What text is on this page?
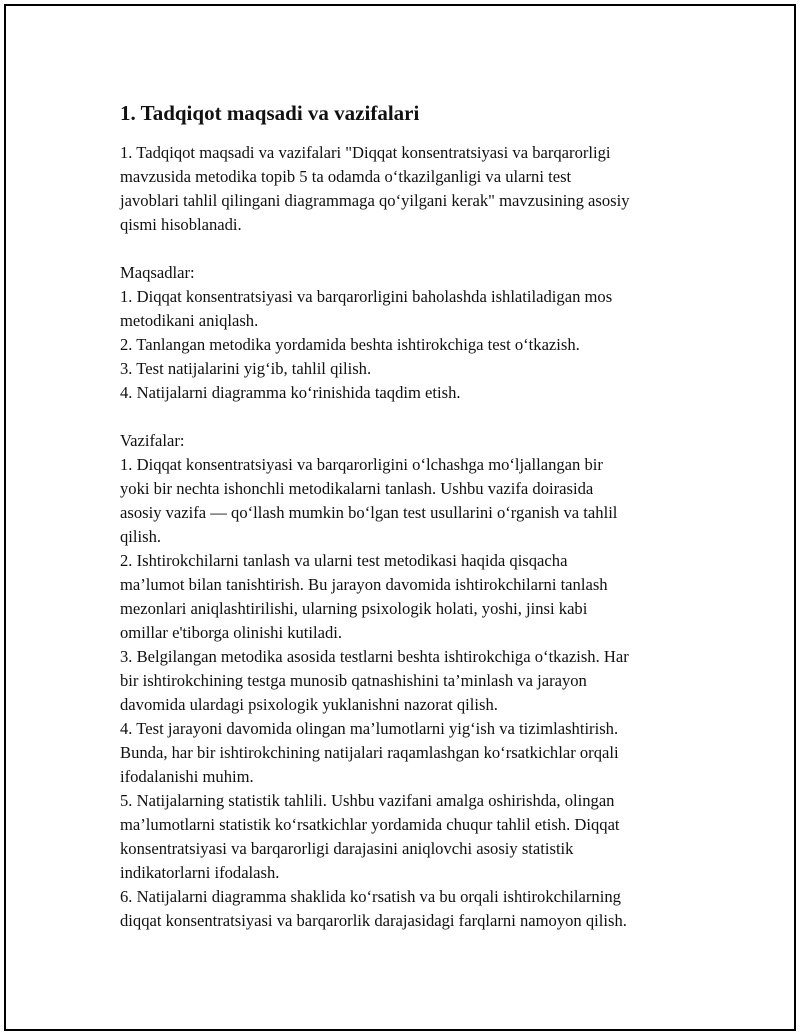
1. Tadqiqot maqsadi va vazifalari
1. Tadqiqot maqsadi va vazifalari "Diqqat konsentratsiyasi va barqarorligi
mavzusida metodika topib 5 ta odamda o‘tkazilganligi va ularni test
javoblari tahlil qilingani diagrammaga qo‘yilgani kerak" mavzusining asosiy
qismi hisoblanadi.
Maqsadlar:
1. Diqqat konsentratsiyasi va barqarorligini baholashda ishlatiladigan mos
metodikani aniqlash.
2. Tanlangan metodika yordamida beshta ishtirokchiga test o‘tkazish.
3. Test natijalarini yig‘ib, tahlil qilish.
4. Natijalarni diagramma ko‘rinishida taqdim etish.
Vazifalar:
1. Diqqat konsentratsiyasi va barqarorligini o‘lchashga mo‘ljallangan bir
yoki bir nechta ishonchli metodikalarni tanlash. Ushbu vazifa doirasida
asosiy vazifa — qo‘llash mumkin bo‘lgan test usullarini o‘rganish va tahlil
qilish.
2. Ishtirokchilarni tanlash va ularni test metodikasi haqida qisqacha
ma’lumot bilan tanishtirish. Bu jarayon davomida ishtirokchilarni tanlash
mezonlari aniqlashtirilishi, ularning psixologik holati, yoshi, jinsi kabi
omillar e'tiborga olinishi kutiladi.
3. Belgilangan metodika asosida testlarni beshta ishtirokchiga o‘tkazish. Har
bir ishtirokchining testga munosib qatnashishini ta’minlash va jarayon
davomida ulardagi psixologik yuklanishni nazorat qilish.
4. Test jarayoni davomida olingan ma’lumotlarni yig‘ish va tizimlashtirish.
Bunda, har bir ishtirokchining natijalari raqamlashgan ko‘rsatkichlar orqali
ifodalanishi muhim.
5. Natijalarning statistik tahlili. Ushbu vazifani amalga oshirishda, olingan
ma’lumotlarni statistik ko‘rsatkichlar yordamida chuqur tahlil etish. Diqqat
konsentratsiyasi va barqarorligi darajasini aniqlovchi asosiy statistik
indikatorlarni ifodalash.
6. Natijalarni diagramma shaklida ko‘rsatish va bu orqali ishtirokchilarning
diqqat konsentratsiyasi va barqarorlik darajasidagi farqlarni namoyon qilish.
